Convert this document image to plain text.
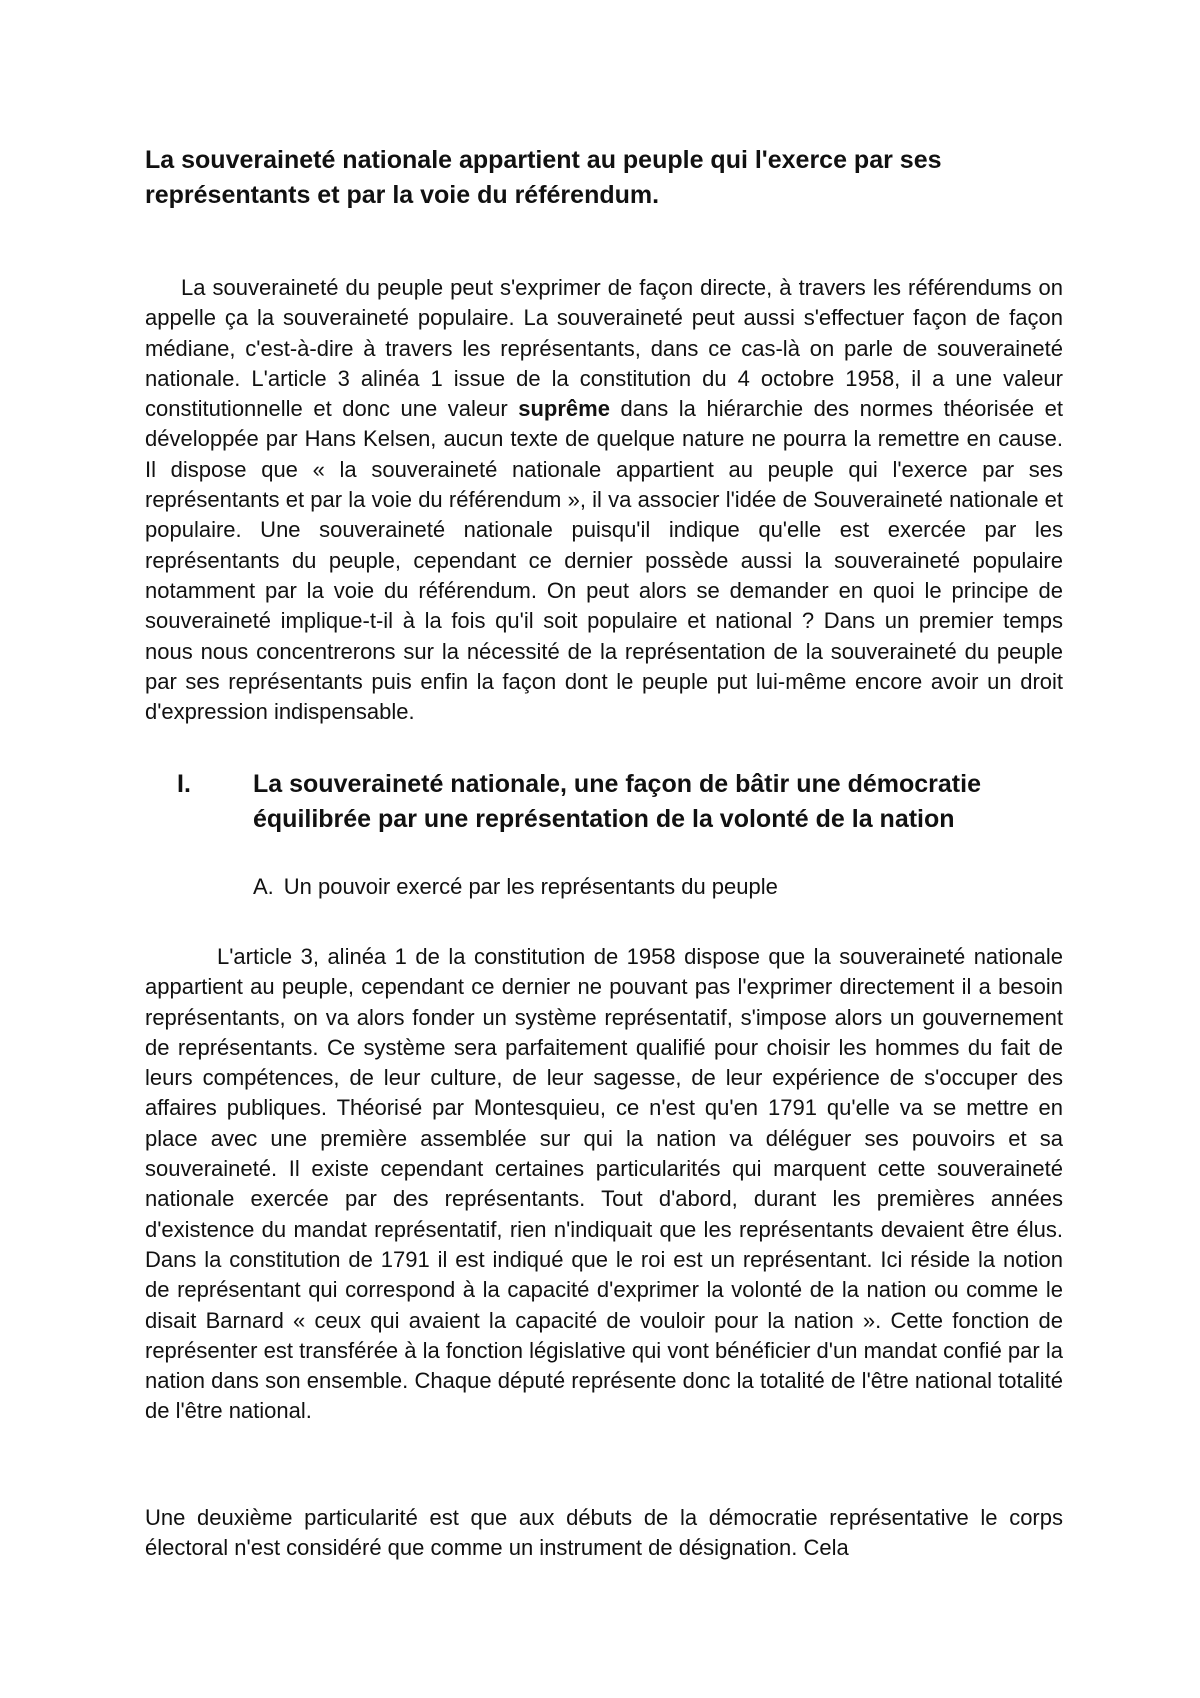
La souveraineté nationale appartient au peuple qui l'exerce par ses représentants et par la voie du référendum.

La souveraineté du peuple peut s'exprimer de façon directe, à travers les référendums on appelle ça la souveraineté populaire. La souveraineté peut aussi s'effectuer façon de façon médiane, c'est-à-dire à travers les représentants, dans ce cas-là on parle de souveraineté nationale. L'article 3 alinéa 1 issue de la constitution du 4 octobre 1958, il a une valeur constitutionnelle et donc une valeur suprême dans la hiérarchie des normes théorisée et développée par Hans Kelsen, aucun texte de quelque nature ne pourra la remettre en cause. Il dispose que « la souveraineté nationale appartient au peuple qui l'exerce par ses représentants et par la voie du référendum », il va associer l'idée de Souveraineté nationale et populaire. Une souveraineté nationale puisqu'il indique qu'elle est exercée par les représentants du peuple, cependant ce dernier possède aussi la souveraineté populaire notamment par la voie du référendum. On peut alors se demander en quoi le principe de souveraineté implique-t-il à la fois qu'il soit populaire et national ? Dans un premier temps nous nous concentrerons sur la nécessité de la représentation de la souveraineté du peuple par ses représentants puis enfin la façon dont le peuple put lui-même encore avoir un droit d'expression indispensable.

I. La souveraineté nationale, une façon de bâtir une démocratie équilibrée par une représentation de la volonté de la nation
A. Un pouvoir exercé par les représentants du peuple

L'article 3, alinéa 1 de la constitution de 1958 dispose que la souveraineté nationale appartient au peuple, cependant ce dernier ne pouvant pas l'exprimer directement il a besoin représentants, on va alors fonder un système représentatif, s'impose alors un gouvernement de représentants. Ce système sera parfaitement qualifié pour choisir les hommes du fait de leurs compétences, de leur culture, de leur sagesse, de leur expérience de s'occuper des affaires publiques. Théorisé par Montesquieu, ce n'est qu'en 1791 qu'elle va se mettre en place avec une première assemblée sur qui la nation va déléguer ses pouvoirs et sa souveraineté. Il existe cependant certaines particularités qui marquent cette souveraineté nationale exercée par des représentants. Tout d'abord, durant les premières années d'existence du mandat représentatif, rien n'indiquait que les représentants devaient être élus. Dans la constitution de 1791 il est indiqué que le roi est un représentant. Ici réside la notion de représentant qui correspond à la capacité d'exprimer la volonté de la nation ou comme le disait Barnard « ceux qui avaient la capacité de vouloir pour la nation ». Cette fonction de représenter est transférée à la fonction législative qui vont bénéficier d'un mandat confié par la nation dans son ensemble. Chaque député représente donc la totalité de l'être national totalité de l'être national.

Une deuxième particularité est que aux débuts de la démocratie représentative le corps électoral n'est considéré que comme un instrument de désignation. Cela
